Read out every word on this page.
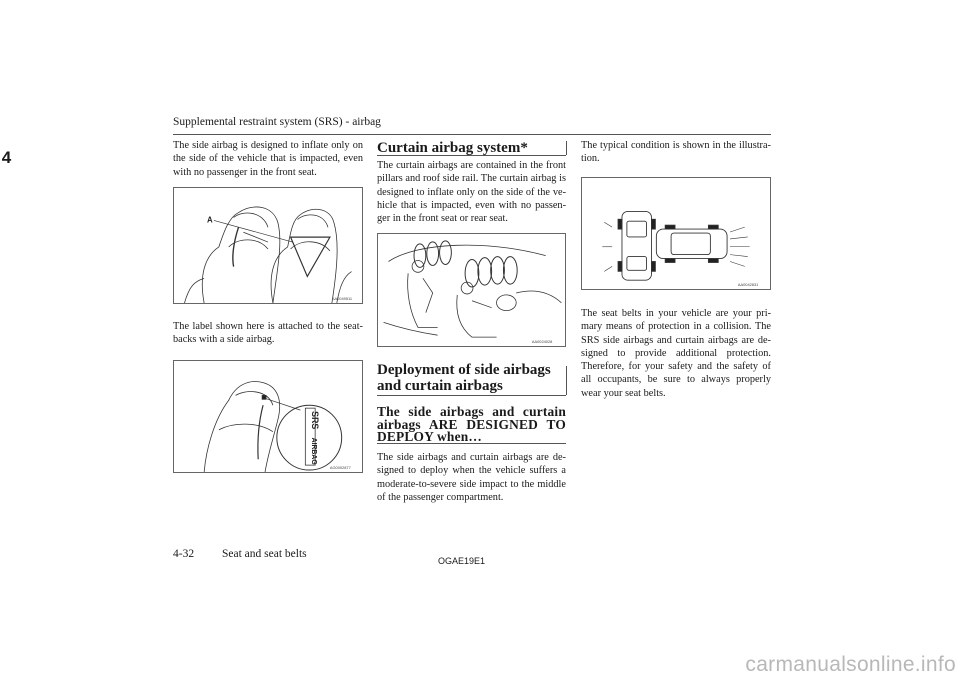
Supplemental restraint system (SRS) - airbag
4

The side airbag is designed to inflate only on the side of the vehicle that is impacted, even with no passenger in the front seat.

A
AA0049511

The label shown here is attached to the seat-backs with a side airbag.

SRS
AIRBAG
AG0002877
Curtain airbag system*

The curtain airbags are contained in the front pillars and roof side rail. The curtain airbag is designed to inflate only on the side of the ve-hicle that is impacted, even with no passen-ger in the front seat or rear seat.

AA0024028
Deployment of side airbags and curtain airbags
The side airbags and curtain airbags ARE DESIGNED TO DEPLOY when…

The side airbags and curtain airbags are de-signed to deploy when the vehicle suffers a moderate-to-severe side impact to the middle of the passenger compartment.

The typical condition is shown in the illustra-tion.

AA0042831

The seat belts in your vehicle are your pri-mary means of protection in a collision. The SRS side airbags and curtain airbags are de-signed to provide additional protection. Therefore, for your safety and the safety of all occupants, be sure to always properly wear your seat belts.

4-32 Seat and seat belts
OGAE19E1
carmanualsonline.info
